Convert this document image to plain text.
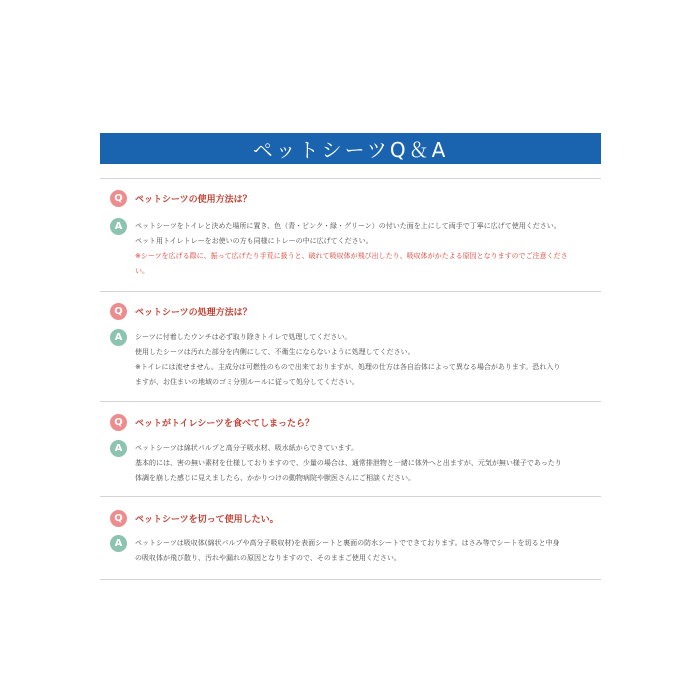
ペットシーツQ＆A
Q	ペットシーツの使用方法は？
A	ペットシーツをトイレと決めた場所に置き、色（青・ピンク・緑・グリーン）の付いた面を上にして両手で丁寧に広げて使用ください。
ペット用トイレトレーをお使いの方も同様にトレーの中に広げてください。
※シーツを広げる際に、振って広げたり手荒に扱うと、破れて吸収体が飛び出したり、吸収体がかたよる原因となりますのでご注意くださ
い。
Q	ペットシーツの処理方法は？
A	シーツに付着したウンチは必ず取り除きトイレで処理してください。
使用したシーツは汚れた部分を内側にして、不衛生にならないように処理してください。
※トイレには流せません。主成分は可燃性のもので出来ておりますが、処理の仕方は各自治体によって異なる場合があります。恐れ入り
ますが、お住まいの地域のゴミ分別ルールに従って処分してください。
Q	ペットがトイレシーツを食べてしまったら？
A	ペットシーツは綿状パルプと高分子吸水材、吸水紙からできています。
基本的には、害の無い素材を仕様しておりますので、少量の場合は、通常排泄物と一緒に体外へと出ますが、元気が無い様子であったり
体調を崩した感じに見えましたら、かかりつけの動物病院や獣医さんにご相談ください。
Q	ペットシーツを切って使用したい。
A	ペットシーツは吸収体(綿状パルプや高分子吸収材)を表面シートと裏面の防水シートでできております。はさみ等でシートを切ると中身
の吸収体が飛び散り、汚れや漏れの原因となりますので、そのままご使用ください。
